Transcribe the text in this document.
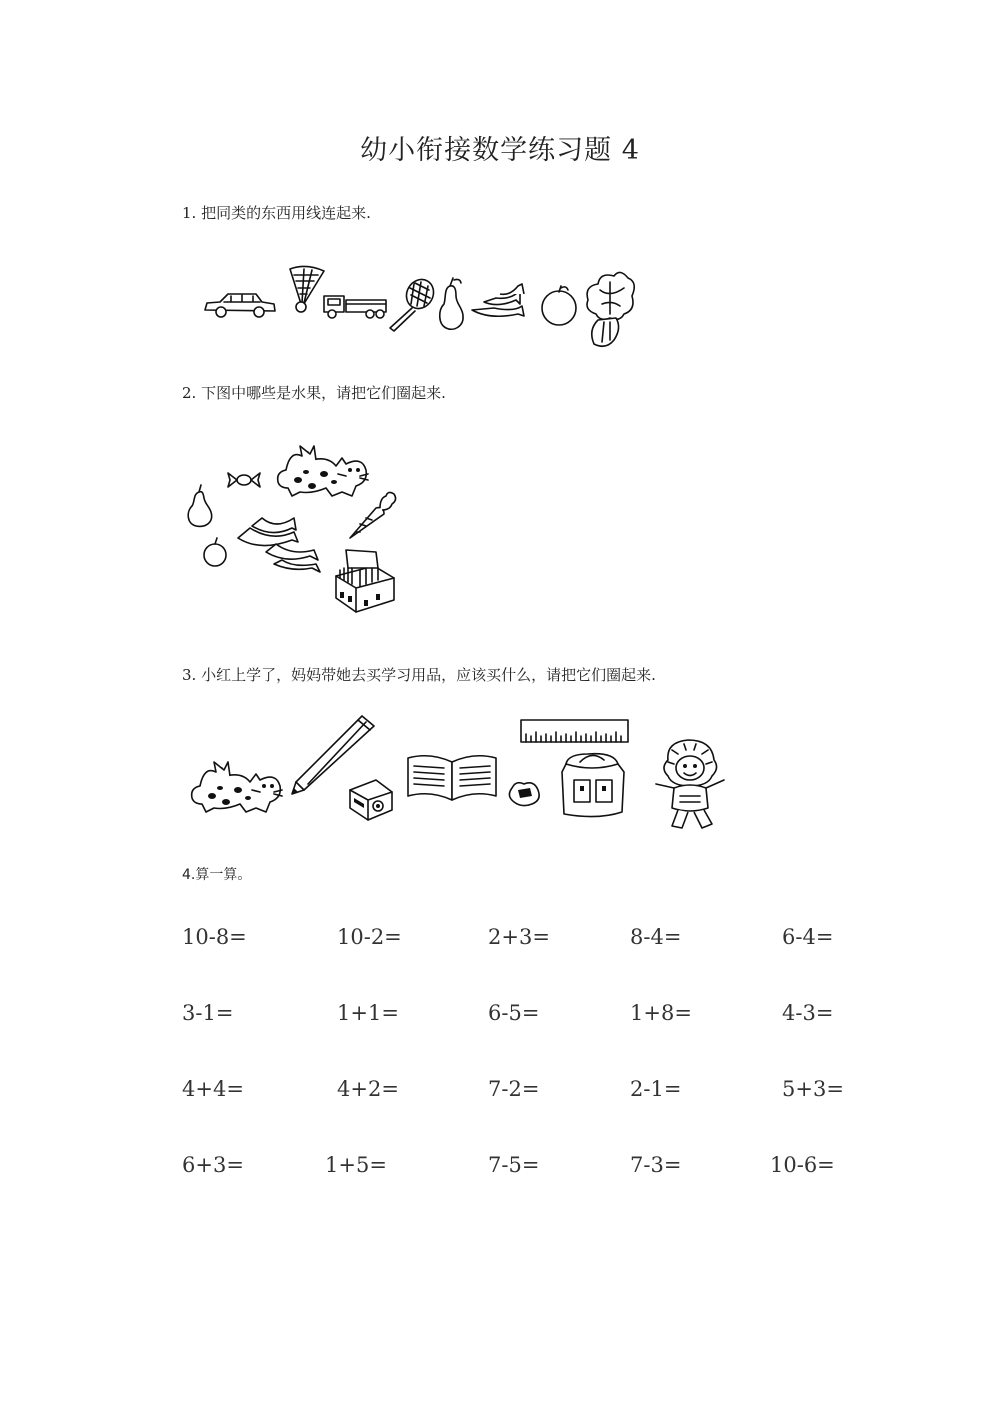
幼小衔接数学练习题 4
1. 把同类的东西用线连起来.
2. 下图中哪些是水果，请把它们圈起来.
3. 小红上学了，妈妈带她去买学习用品，应该买什么，请把它们圈起来.
4.算一算。
10-8=	10-2=	2+3=	8-4=	6-4=
3-1=	1+1=	6-5=	1+8=	4-3=
4+4=	4+2=	7-2=	2-1=	5+3=
6+3=	1+5=	7-5=	7-3=	10-6=
